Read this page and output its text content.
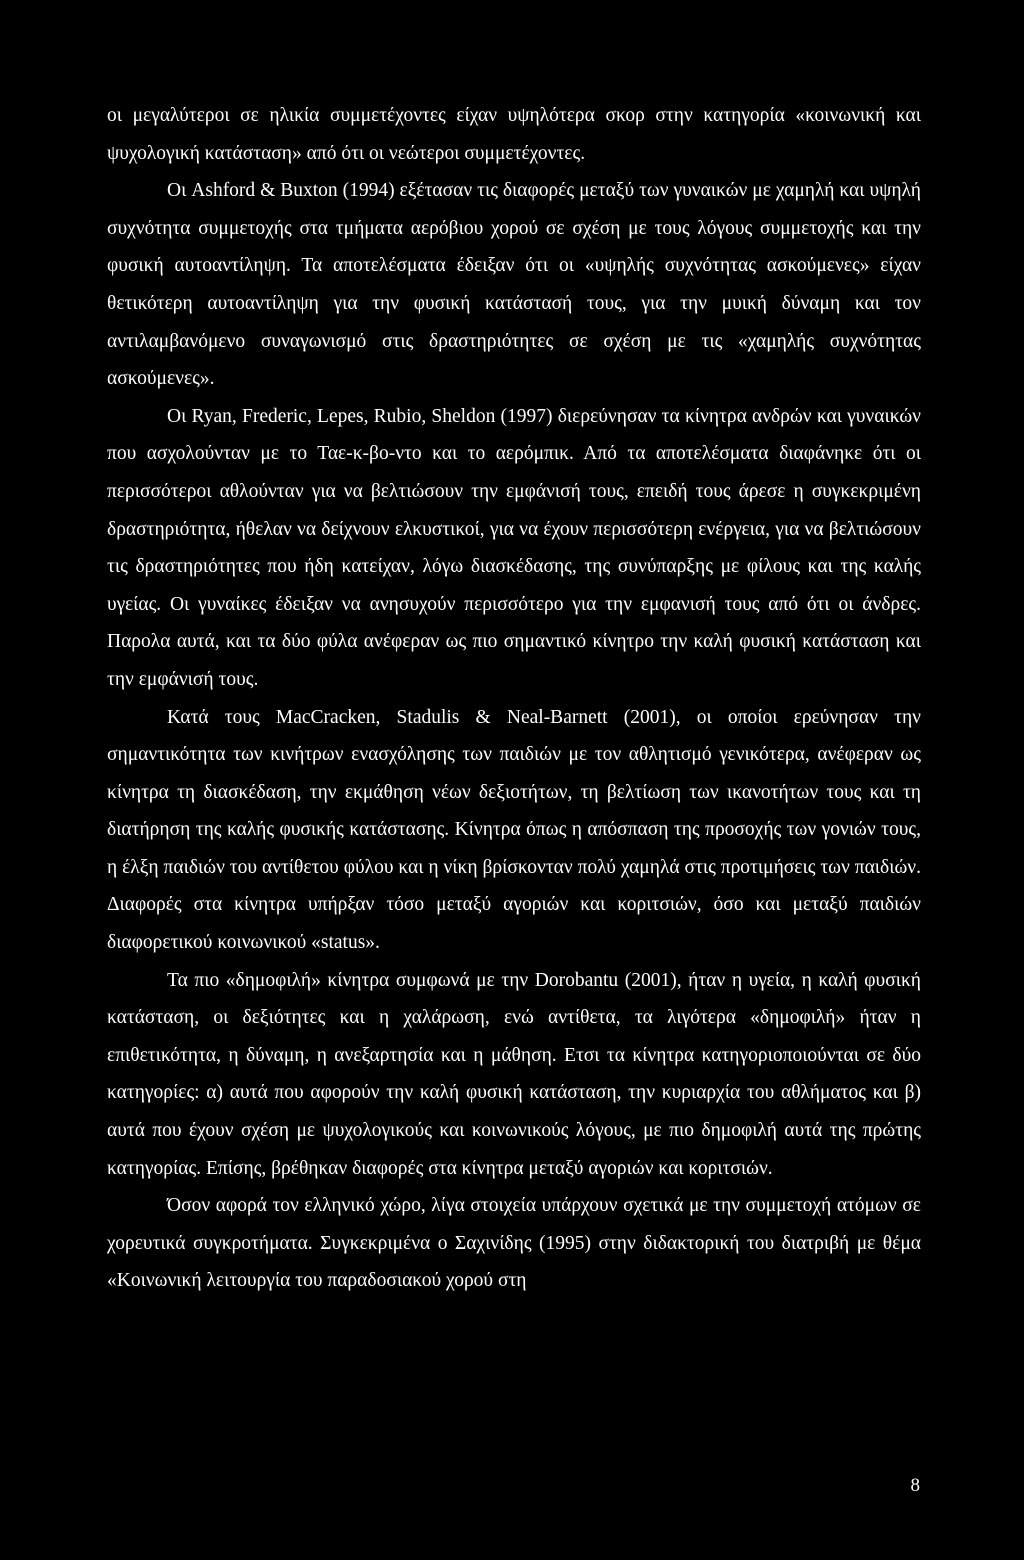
οι μεγαλύτεροι σε ηλικία συμμετέχοντες είχαν υψηλότερα σκορ στην κατηγορία «κοινωνική και ψυχολογική κατάσταση» από ότι οι νεώτεροι συμμετέχοντες.

Οι Ashford & Buxton (1994) εξέτασαν τις διαφορές μεταξύ των γυναικών με χαμηλή και υψηλή συχνότητα συμμετοχής στα τμήματα αερόβιου χορού σε σχέση με τους λόγους συμμετοχής και την φυσική αυτοαντίληψη. Τα αποτελέσματα έδειξαν ότι οι «υψηλής συχνότητας ασκούμενες» είχαν θετικότερη αυτοαντίληψη για την φυσική κατάστασή τους, για την μυική δύναμη και τον αντιλαμβανόμενο συναγωνισμό στις δραστηριότητες σε σχέση με τις «χαμηλής συχνότητας ασκούμενες».

Οι Ryan, Frederic, Lepes, Rubio, Sheldon (1997) διερεύνησαν τα κίνητρα ανδρών και γυναικών που ασχολούνταν με το Ταε-κ-βο-ντο και το αερόμπικ. Από τα αποτελέσματα διαφάνηκε ότι οι περισσότεροι αθλούνταν για να βελτιώσουν την εμφάνισή τους, επειδή τους άρεσε η συγκεκριμένη δραστηριότητα, ήθελαν να δείχνουν ελκυστικοί, για να έχουν περισσότερη ενέργεια, για να βελτιώσουν τις δραστηριότητες που ήδη κατείχαν, λόγω διασκέδασης, της συνύπαρξης με φίλους και της καλής υγείας. Οι γυναίκες έδειξαν να ανησυχούν περισσότερο για την εμφανισή τους από ότι οι άνδρες. Παρολα αυτά, και τα δύο φύλα ανέφεραν ως πιο σημαντικό κίνητρο την καλή φυσική κατάσταση και την εμφάνισή τους.

Κατά τους MacCracken, Stadulis & Neal-Barnett (2001), οι οποίοι ερεύνησαν την σημαντικότητα των κινήτρων ενασχόλησης των παιδιών με τον αθλητισμό γενικότερα, ανέφεραν ως κίνητρα τη διασκέδαση, την εκμάθηση νέων δεξιοτήτων, τη βελτίωση των ικανοτήτων τους και τη διατήρηση της καλής φυσικής κατάστασης. Κίνητρα όπως η απόσπαση της προσοχής των γονιών τους, η έλξη παιδιών του αντίθετου φύλου και η νίκη βρίσκονταν πολύ χαμηλά στις προτιμήσεις των παιδιών. Διαφορές στα κίνητρα υπήρξαν τόσο μεταξύ αγοριών και κοριτσιών, όσο και μεταξύ παιδιών διαφορετικού κοινωνικού «status».

Τα πιο «δημοφιλή» κίνητρα συμφωνά με την Dorobantu (2001), ήταν η υγεία, η καλή φυσική κατάσταση, οι δεξιότητες και η χαλάρωση, ενώ αντίθετα, τα λιγότερα «δημοφιλή» ήταν η επιθετικότητα, η δύναμη, η ανεξαρτησία και η μάθηση. Ετσι τα κίνητρα κατηγοριοποιούνται σε δύο κατηγορίες: α) αυτά που αφορούν την καλή φυσική κατάσταση, την κυριαρχία του αθλήματος και β) αυτά που έχουν σχέση με ψυχολογικούς και κοινωνικούς λόγους, με πιο δημοφιλή αυτά της πρώτης κατηγορίας. Επίσης, βρέθηκαν διαφορές στα κίνητρα μεταξύ αγοριών και κοριτσιών.

Όσον αφορά τον ελληνικό χώρο, λίγα στοιχεία υπάρχουν σχετικά με την συμμετοχή ατόμων σε χορευτικά συγκροτήματα. Συγκεκριμένα ο Σαχινίδης (1995) στην διδακτορική του διατριβή με θέμα «Κοινωνική λειτουργία του παραδοσιακού χορού στη

8
